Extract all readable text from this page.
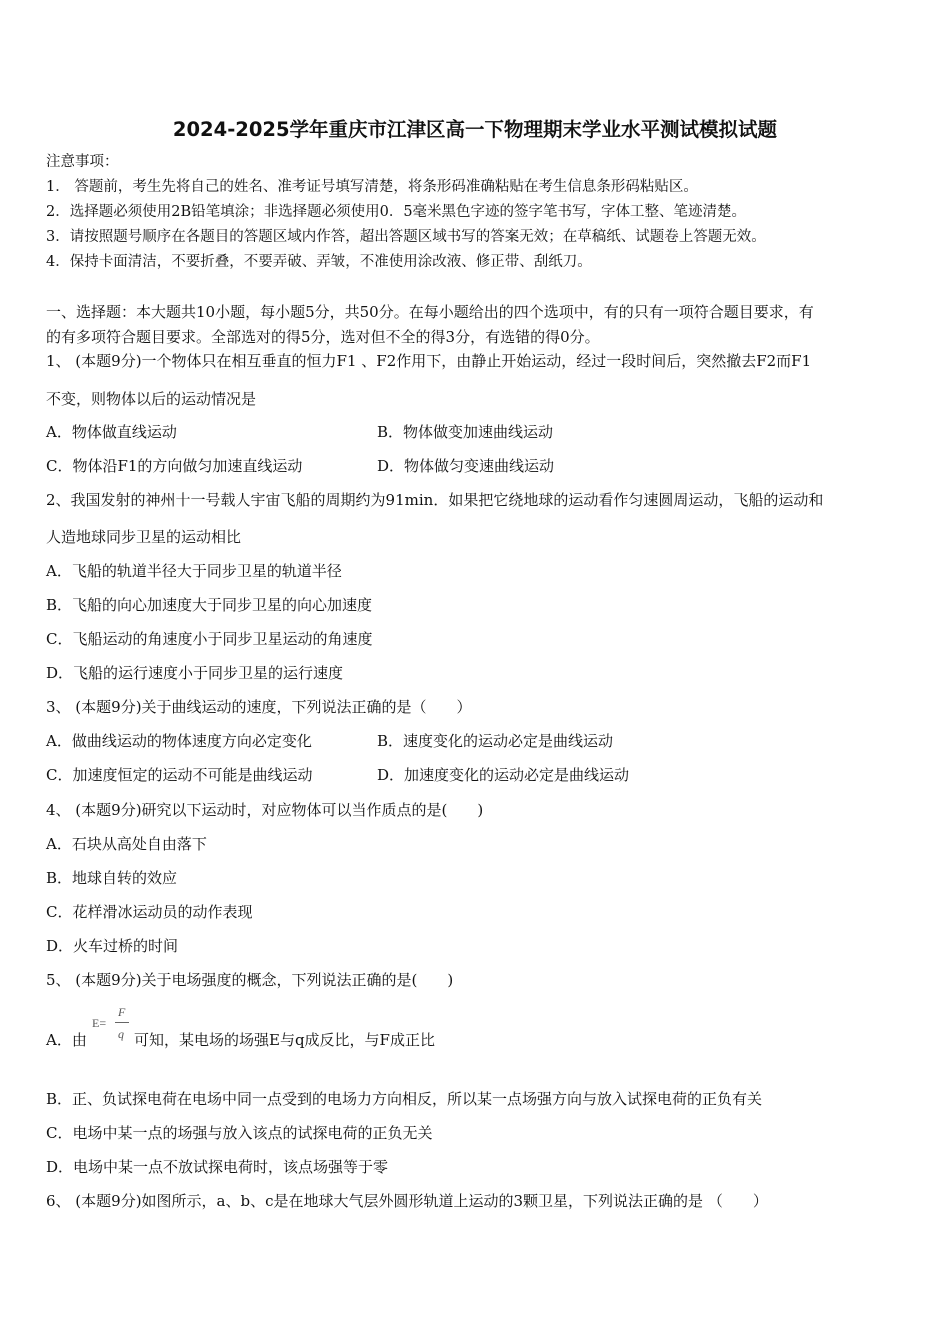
2024-2025学年重庆市江津区高一下物理期末学业水平测试模拟试题
注意事项：
1． 答题前，考生先将自己的姓名、准考证号填写清楚，将条形码准确粘贴在考生信息条形码粘贴区。
2．选择题必须使用2B铅笔填涂；非选择题必须使用0．5毫米黑色字迹的签字笔书写，字体工整、笔迹清楚。
3．请按照题号顺序在各题目的答题区域内作答，超出答题区域书写的答案无效；在草稿纸、试题卷上答题无效。
4．保持卡面清洁，不要折叠，不要弄破、弄皱，不准使用涂改液、修正带、刮纸刀。
一、选择题：本大题共10小题，每小题5分，共50分。在每小题给出的四个选项中，有的只有一项符合题目要求，有
的有多项符合题目要求。全部选对的得5分，选对但不全的得3分，有选错的得0分。
1、 (本题9分)一个物体只在相互垂直的恒力F1 、F2作用下，由静止开始运动，经过一段时间后，突然撤去F2而F1
不变，则物体以后的运动情况是
A．物体做直线运动	B．物体做变加速曲线运动
C．物体沿F1的方向做匀加速直线运动	D．物体做匀变速曲线运动
2、我国发射的神州十一号载人宇宙飞船的周期约为91min．如果把它绕地球的运动看作匀速圆周运动，飞船的运动和
人造地球同步卫星的运动相比
A．飞船的轨道半径大于同步卫星的轨道半径
B．飞船的向心加速度大于同步卫星的向心加速度
C．飞船运动的角速度小于同步卫星运动的角速度
D．飞船的运行速度小于同步卫星的运行速度
3、 (本题9分)关于曲线运动的速度，下列说法正确的是（　　）
A．做曲线运动的物体速度方向必定变化	B．速度变化的运动必定是曲线运动
C．加速度恒定的运动不可能是曲线运动	D．加速度变化的运动必定是曲线运动
4、 (本题9分)研究以下运动时，对应物体可以当作质点的是(　　)
A．石块从高处自由落下
B．地球自转的效应
C．花样滑冰运动员的动作表现
D．火车过桥的时间
5、 (本题9分)关于电场强度的概念，下列说法正确的是(　　)
A．由
E=
F
q 可知，某电场的场强E与q成反比，与F成正比
B．正、负试探电荷在电场中同一点受到的电场力方向相反，所以某一点场强方向与放入试探电荷的正负有关
C．电场中某一点的场强与放入该点的试探电荷的正负无关
D．电场中某一点不放试探电荷时，该点场强等于零
6、 (本题9分)如图所示，a、b、c是在地球大气层外圆形轨道上运动的3颗卫星，下列说法正确的是 （　　）
